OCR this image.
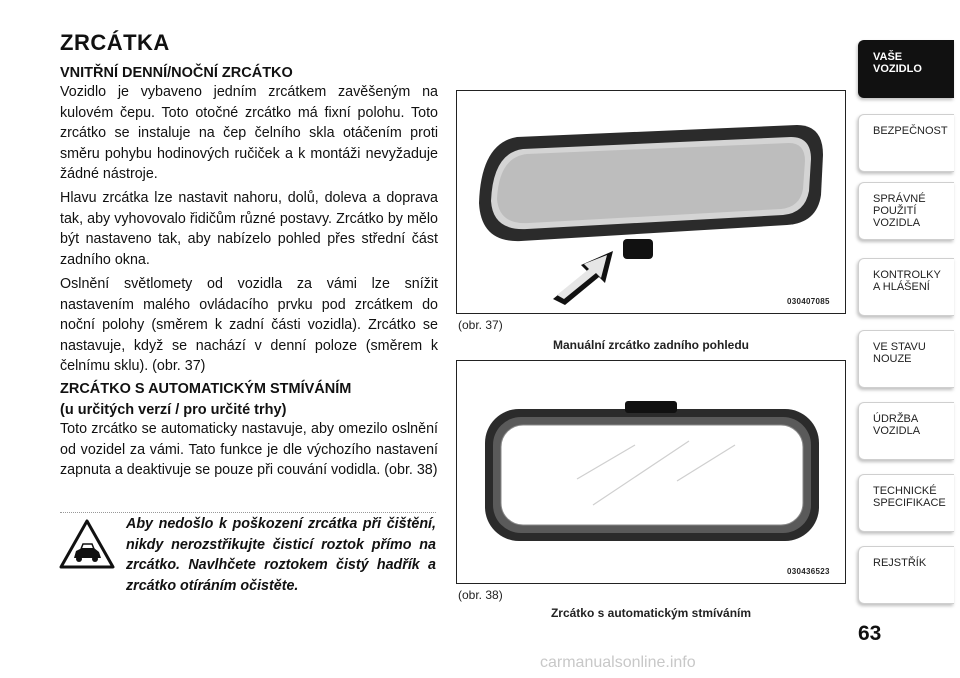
ZRCÁTKA
VNITŘNÍ DENNÍ/NOČNÍ ZRCÁTKO

Vozidlo je vybaveno jedním zrcátkem zavěšeným na kulovém čepu. Toto otočné zrcátko má fixní polohu. Toto zrcátko se instaluje na čep čelního skla otáčením proti směru pohybu hodinových ručiček a k montáži nevyžaduje žádné nástroje.

Hlavu zrcátka lze nastavit nahoru, dolů, doleva a doprava tak, aby vyhovovalo řidičům různé postavy. Zrcátko by mělo být nastaveno tak, aby nabízelo pohled přes střední část zadního okna.

Oslnění světlomety od vozidla za vámi lze snížit nastavením malého ovládacího prvku pod zrcátkem do noční polohy (směrem k zadní části vozidla). Zrcátko se nastavuje, když se nachází v denní poloze (směrem k čelnímu sklu). (obr. 37)

ZRCÁTKO S AUTOMATICKÝM STMÍVÁNÍM
(u určitých verzí / pro určité trhy)

Toto zrcátko se automaticky nastavuje, aby omezilo oslnění od vozidel za vámi. Tato funkce je dle výchozího nastavení zapnuta a deaktivuje se pouze při couvání vodidla. (obr. 38)

Aby nedošlo k poškození zrcátka při čištění, nikdy nerozstřikujte čisticí roztok přímo na zrcátko. Navlhčete roztokem čistý hadřík a zrcátko otíráním očistěte.
030407085
(obr. 37)
Manuální zrcátko zadního pohledu
030436523
(obr. 38)
Zrcátko s automatickým stmíváním
VAŠE
VOZIDLO
BEZPEČNOST
SPRÁVNÉ
POUŽITÍ
VOZIDLA
KONTROLKY
A HLÁŠENÍ
VE STAVU
NOUZE
ÚDRŽBA
VOZIDLA
TECHNICKÉ
SPECIFIKACE
REJSTŘÍK
63
carmanualsonline.info
